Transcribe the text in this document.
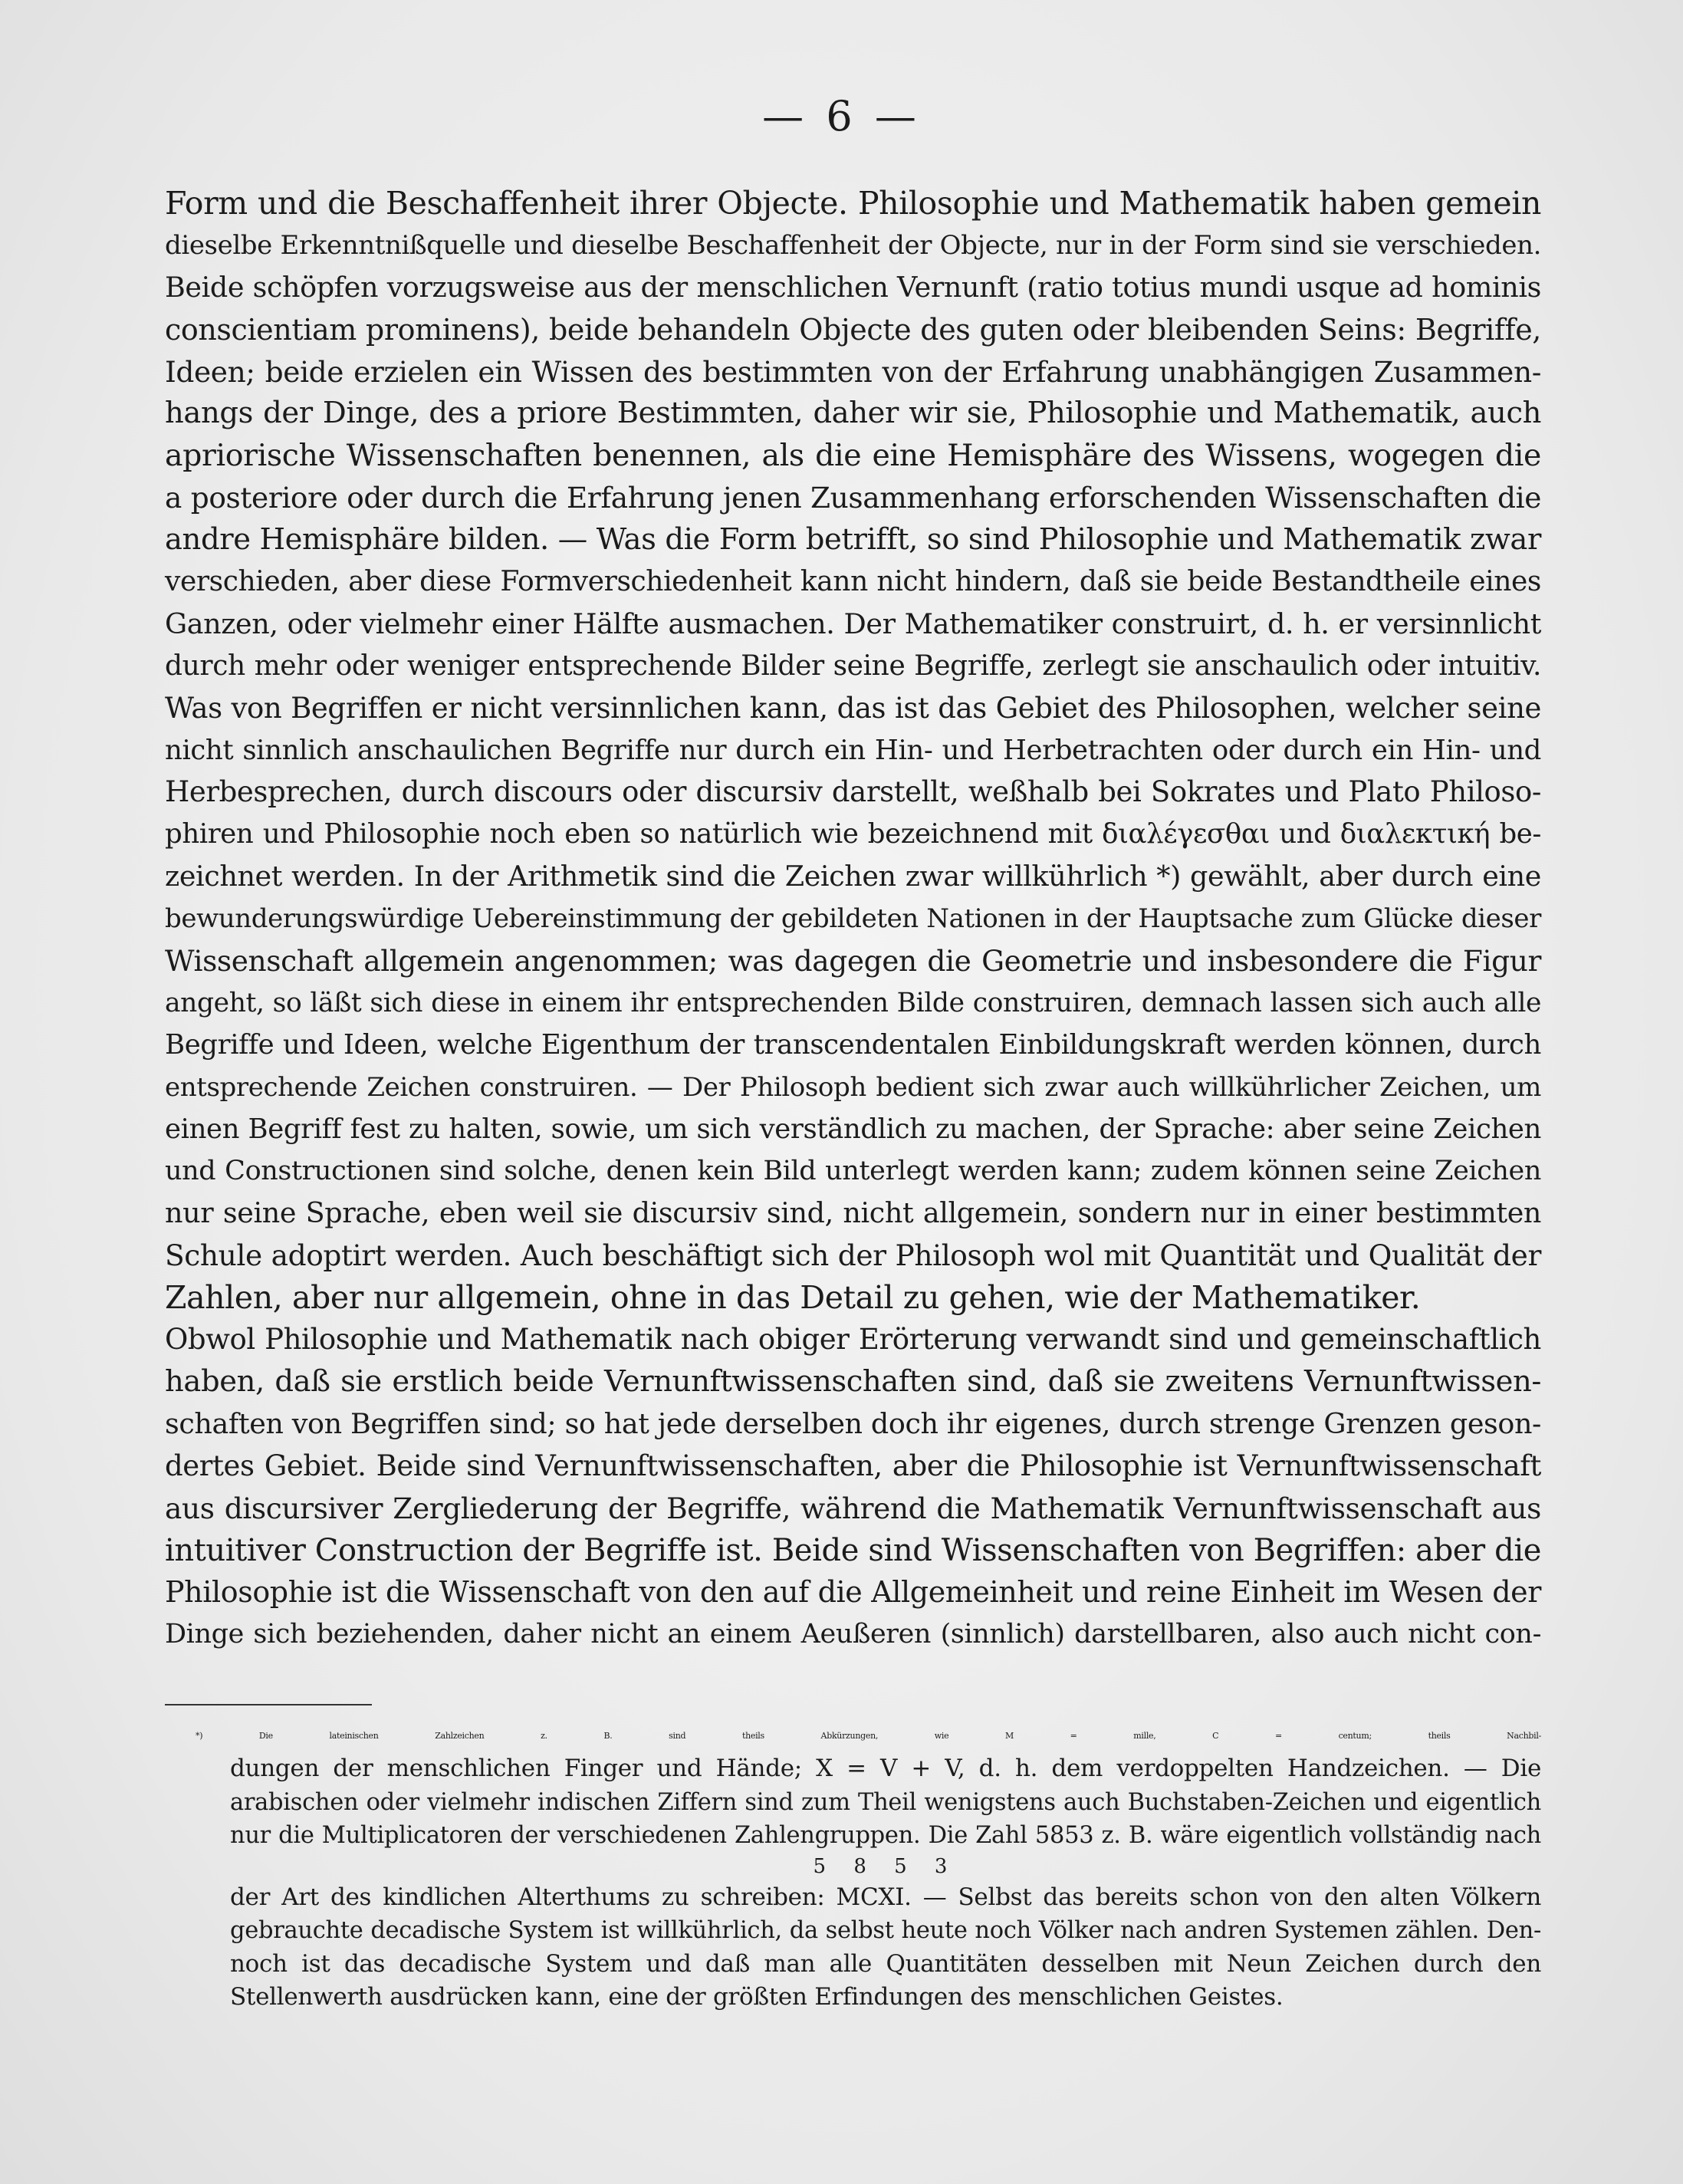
— 6 —
Form und die Beschaffenheit ihrer Objecte. Philosophie und Mathematik haben gemein
dieselbe Erkenntnißquelle und dieselbe Beschaffenheit der Objecte, nur in der Form sind sie verschieden.
Beide schöpfen vorzugsweise aus der menschlichen Vernunft (ratio totius mundi usque ad hominis
conscientiam prominens), beide behandeln Objecte des guten oder bleibenden Seins: Begriffe,
Ideen; beide erzielen ein Wissen des bestimmten von der Erfahrung unabhängigen Zusammen-
hangs der Dinge, des a priore Bestimmten, daher wir sie, Philosophie und Mathematik, auch
apriorische Wissenschaften benennen, als die eine Hemisphäre des Wissens, wogegen die
a posteriore oder durch die Erfahrung jenen Zusammenhang erforschenden Wissenschaften die
andre Hemisphäre bilden. — Was die Form betrifft, so sind Philosophie und Mathematik zwar
verschieden, aber diese Formverschiedenheit kann nicht hindern, daß sie beide Bestandtheile eines
Ganzen, oder vielmehr einer Hälfte ausmachen. Der Mathematiker construirt, d. h. er versinnlicht
durch mehr oder weniger entsprechende Bilder seine Begriffe, zerlegt sie anschaulich oder intuitiv.
Was von Begriffen er nicht versinnlichen kann, das ist das Gebiet des Philosophen, welcher seine
nicht sinnlich anschaulichen Begriffe nur durch ein Hin- und Herbetrachten oder durch ein Hin- und
Herbesprechen, durch discours oder discursiv darstellt, weßhalb bei Sokrates und Plato Philoso-
phiren und Philosophie noch eben so natürlich wie bezeichnend mit διαλέγεσθαι und διαλεκτική be-
zeichnet werden. In der Arithmetik sind die Zeichen zwar willkührlich *) gewählt, aber durch eine
bewunderungswürdige Uebereinstimmung der gebildeten Nationen in der Hauptsache zum Glücke dieser
Wissenschaft allgemein angenommen; was dagegen die Geometrie und insbesondere die Figur
angeht, so läßt sich diese in einem ihr entsprechenden Bilde construiren, demnach lassen sich auch alle
Begriffe und Ideen, welche Eigenthum der transcendentalen Einbildungskraft werden können, durch
entsprechende Zeichen construiren. — Der Philosoph bedient sich zwar auch willkührlicher Zeichen, um
einen Begriff fest zu halten, sowie, um sich verständlich zu machen, der Sprache: aber seine Zeichen
und Constructionen sind solche, denen kein Bild unterlegt werden kann; zudem können seine Zeichen
nur seine Sprache, eben weil sie discursiv sind, nicht allgemein, sondern nur in einer bestimmten
Schule adoptirt werden. Auch beschäftigt sich der Philosoph wol mit Quantität und Qualität der
Zahlen, aber nur allgemein, ohne in das Detail zu gehen, wie der Mathematiker.
Obwol Philosophie und Mathematik nach obiger Erörterung verwandt sind und gemeinschaftlich
haben, daß sie erstlich beide Vernunftwissenschaften sind, daß sie zweitens Vernunftwissen-
schaften von Begriffen sind; so hat jede derselben doch ihr eigenes, durch strenge Grenzen geson-
dertes Gebiet. Beide sind Vernunftwissenschaften, aber die Philosophie ist Vernunftwissenschaft
aus discursiver Zergliederung der Begriffe, während die Mathematik Vernunftwissenschaft aus
intuitiver Construction der Begriffe ist. Beide sind Wissenschaften von Begriffen: aber die
Philosophie ist die Wissenschaft von den auf die Allgemeinheit und reine Einheit im Wesen der
Dinge sich beziehenden, daher nicht an einem Aeußeren (sinnlich) darstellbaren, also auch nicht con-
*) Die lateinischen Zahlzeichen z. B. sind theils Abkürzungen, wie M = mille, C = centum; theils Nachbil-
dungen der menschlichen Finger und Hände; X = V + V, d. h. dem verdoppelten Handzeichen. — Die
arabischen oder vielmehr indischen Ziffern sind zum Theil wenigstens auch Buchstaben-Zeichen und eigentlich
nur die Multiplicatoren der verschiedenen Zahlengruppen. Die Zahl 5853 z. B. wäre eigentlich vollständig nach
5 8 5 3
der Art des kindlichen Alterthums zu schreiben: MCXI. — Selbst das bereits schon von den alten Völkern
gebrauchte decadische System ist willkührlich, da selbst heute noch Völker nach andren Systemen zählen. Den-
noch ist das decadische System und daß man alle Quantitäten desselben mit Neun Zeichen durch den
Stellenwerth ausdrücken kann, eine der größten Erfindungen des menschlichen Geistes.
